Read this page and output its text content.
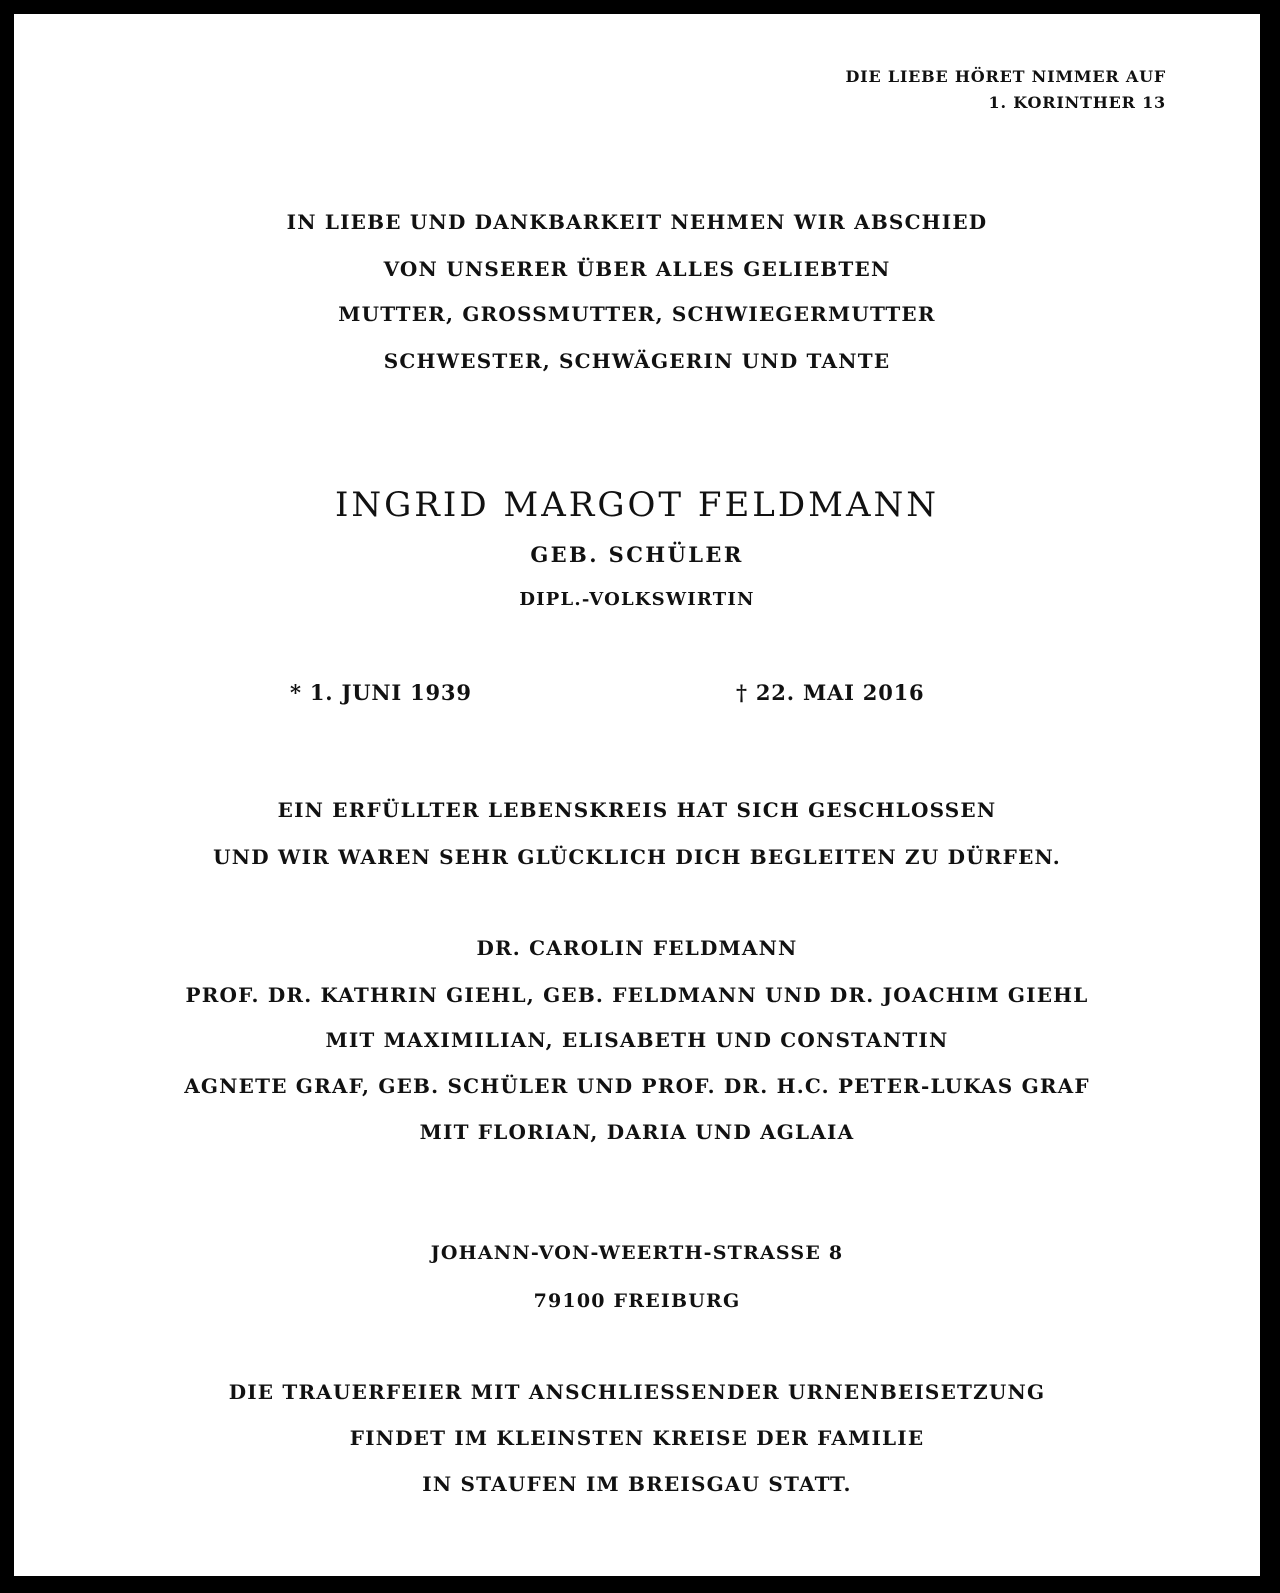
DIE LIEBE HÖRET NIMMER AUF
1. KORINTHER 13
IN LIEBE UND DANKBARKEIT NEHMEN WIR ABSCHIED
VON UNSERER ÜBER ALLES GELIEBTEN
MUTTER, GROSSMUTTER, SCHWIEGERMUTTER
SCHWESTER, SCHWÄGERIN UND TANTE
INGRID MARGOT FELDMANN
GEB. SCHÜLER
DIPL.-VOLKSWIRTIN
* 1. JUNI 1939	† 22. MAI 2016
EIN ERFÜLLTER LEBENSKREIS HAT SICH GESCHLOSSEN
UND WIR WAREN SEHR GLÜCKLICH DICH BEGLEITEN ZU DÜRFEN.
DR. CAROLIN FELDMANN
PROF. DR. KATHRIN GIEHL, GEB. FELDMANN UND DR. JOACHIM GIEHL
MIT MAXIMILIAN, ELISABETH UND CONSTANTIN
AGNETE GRAF, GEB. SCHÜLER UND PROF. DR. H.C. PETER-LUKAS GRAF
MIT FLORIAN, DARIA UND AGLAIA
JOHANN-VON-WEERTH-STRASSE 8
79100 FREIBURG
DIE TRAUERFEIER MIT ANSCHLIESSENDER URNENBEISETZUNG
FINDET IM KLEINSTEN KREISE DER FAMILIE
IN STAUFEN IM BREISGAU STATT.
